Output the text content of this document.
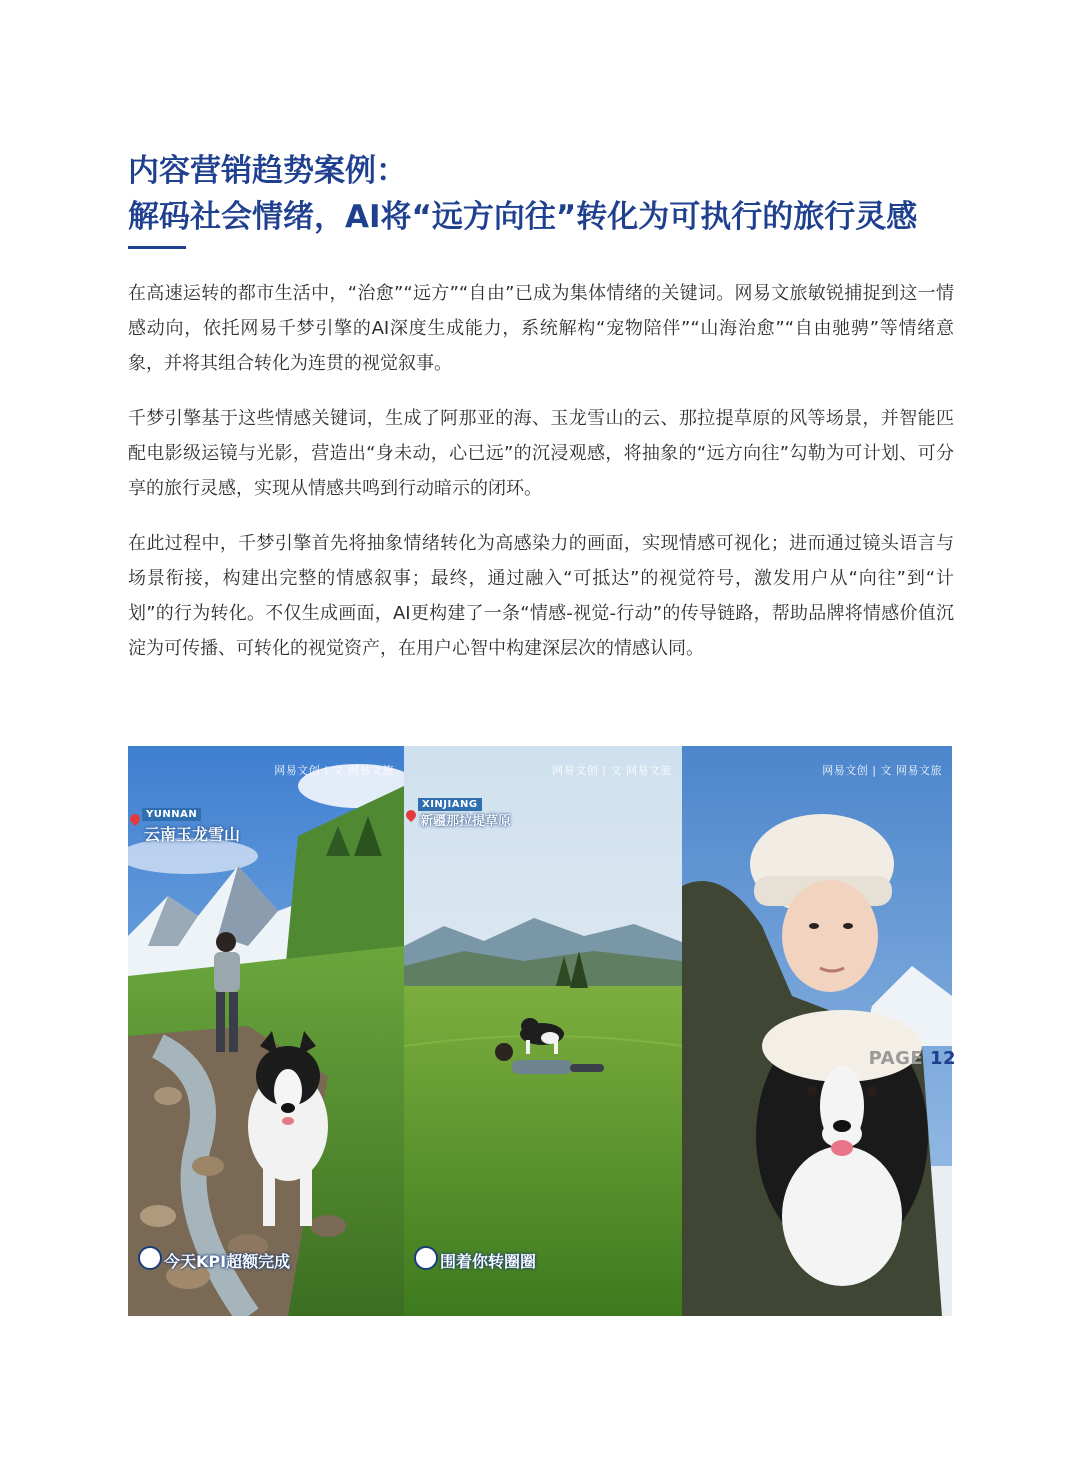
内容营销趋势案例：
解码社会情绪，AI将“远方向往”转化为可执行的旅行灵感

在高速运转的都市生活中，“治愈”“远方”“自由”已成为集体情绪的关键词。网易文旅敏锐捕捉到这一情感动向，依托网易千梦引擎的AI深度生成能力，系统解构“宠物陪伴”“山海治愈”“自由驰骋”等情绪意象，并将其组合转化为连贯的视觉叙事。

千梦引擎基于这些情感关键词，生成了阿那亚的海、玉龙雪山的云、那拉提草原的风等场景，并智能匹配电影级运镜与光影，营造出“身未动，心已远”的沉浸观感，将抽象的“远方向往”勾勒为可计划、可分享的旅行灵感，实现从情感共鸣到行动暗示的闭环。

在此过程中，千梦引擎首先将抽象情绪转化为高感染力的画面，实现情感可视化；进而通过镜头语言与场景衔接，构建出完整的情感叙事；最终，通过融入“可抵达”的视觉符号，激发用户从“向往”到“计划”的行为转化。不仅生成画面，AI更构建了一条“情感-视觉-行动”的传导链路，帮助品牌将情感价值沉淀为可传播、可转化的视觉资产，在用户心智中构建深层次的情感认同。

网易文创 | 文 网易文旅
YUNNAN
云南玉龙雪山
今天KPI超额完成
网易文创 | 文 网易文旅
XINJIANG
新疆那拉提草原
围着你转圈圈
网易文创 | 文 网易文旅
PAGE 12
